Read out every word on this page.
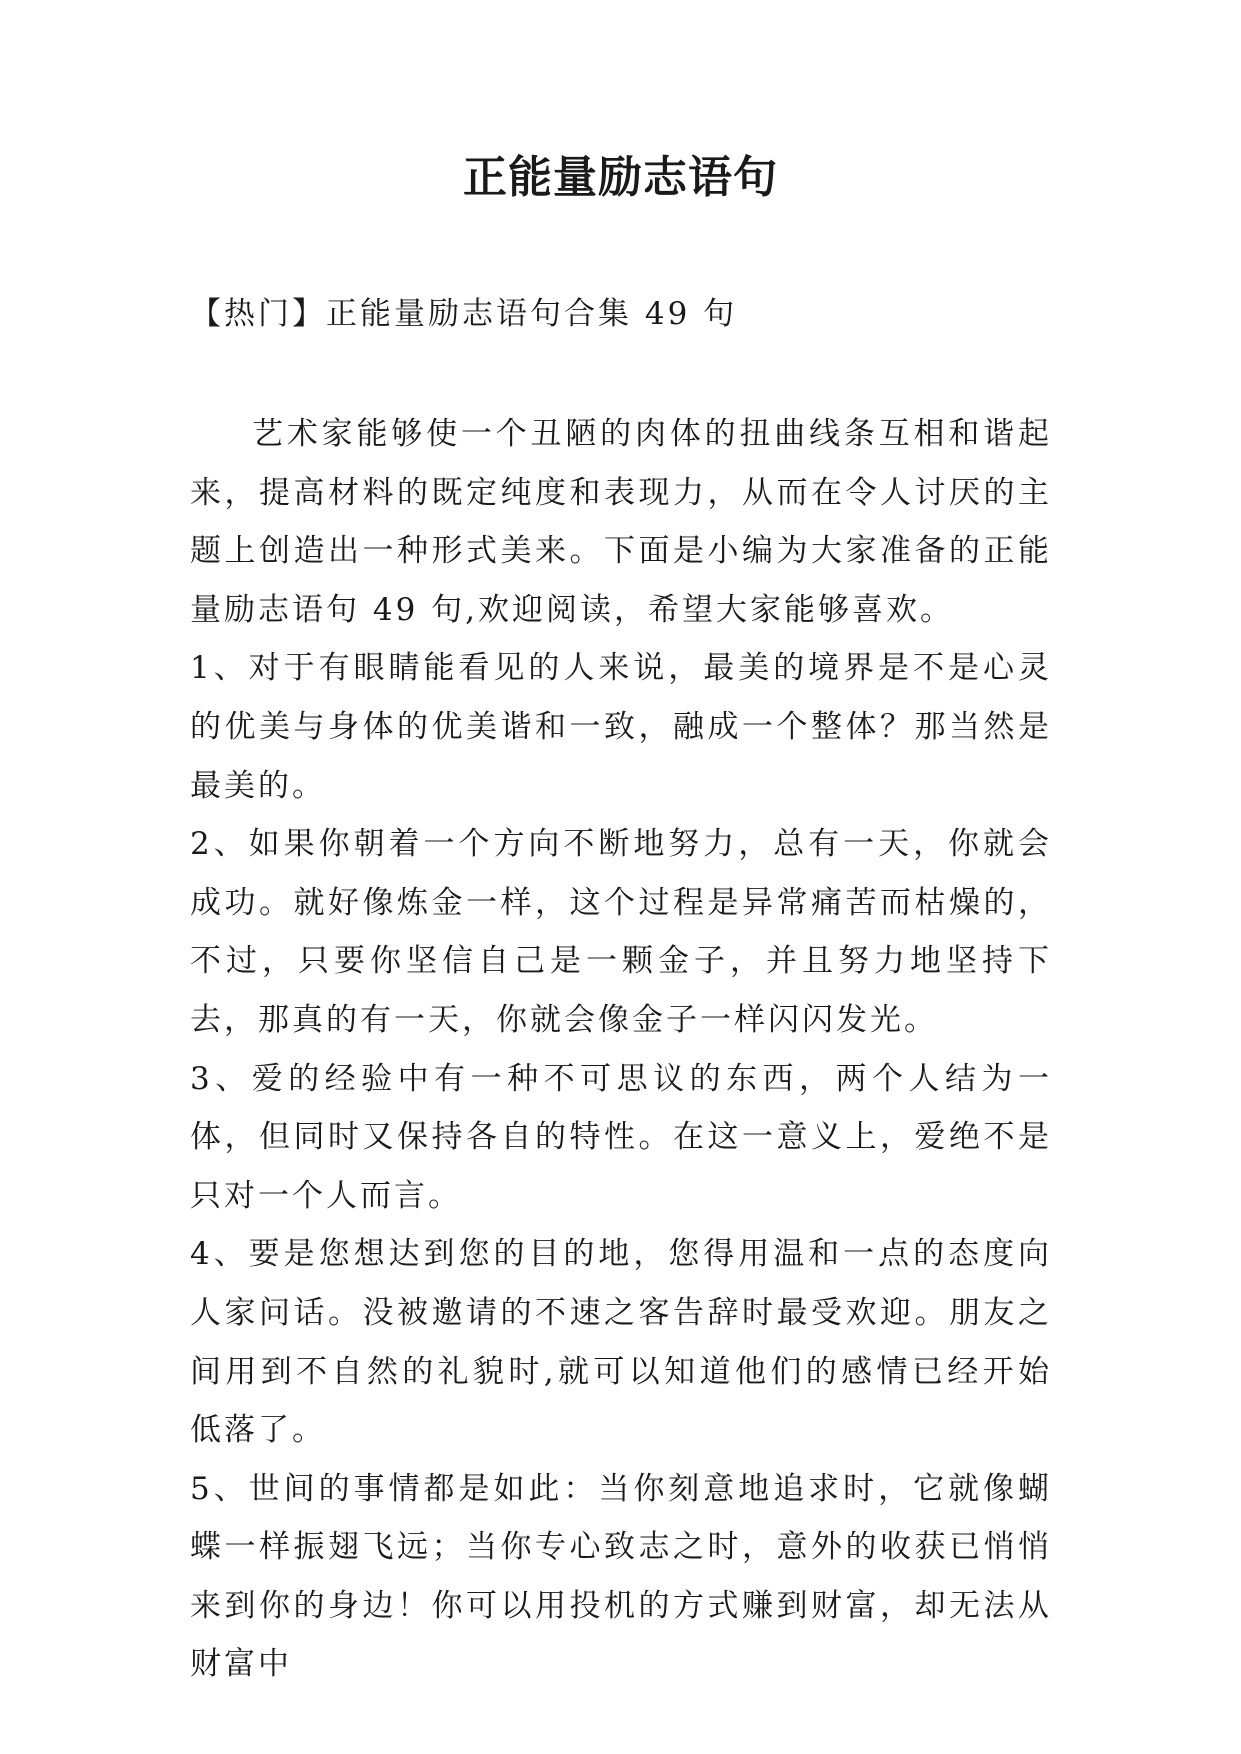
正能量励志语句

【热门】正能量励志语句合集 49 句

艺术家能够使一个丑陋的肉体的扭曲线条互相和谐起来，提高材料的既定纯度和表现力，从而在令人讨厌的主题上创造出一种形式美来。下面是小编为大家准备的正能量励志语句 49 句,欢迎阅读，希望大家能够喜欢。

1、对于有眼睛能看见的人来说，最美的境界是不是心灵的优美与身体的优美谐和一致，融成一个整体？那当然是最美的。

2、如果你朝着一个方向不断地努力，总有一天，你就会成功。就好像炼金一样，这个过程是异常痛苦而枯燥的，不过，只要你坚信自己是一颗金子，并且努力地坚持下去，那真的有一天，你就会像金子一样闪闪发光。

3、爱的经验中有一种不可思议的东西，两个人结为一体，但同时又保持各自的特性。在这一意义上，爱绝不是只对一个人而言。

4、要是您想达到您的目的地，您得用温和一点的态度向人家问话。没被邀请的不速之客告辞时最受欢迎。朋友之间用到不自然的礼貌时,就可以知道他们的感情已经开始低落了。

5、世间的事情都是如此：当你刻意地追求时，它就像蝴蝶一样振翅飞远；当你专心致志之时，意外的收获已悄悄来到你的身边！你可以用投机的方式赚到财富，却无法从财富中
